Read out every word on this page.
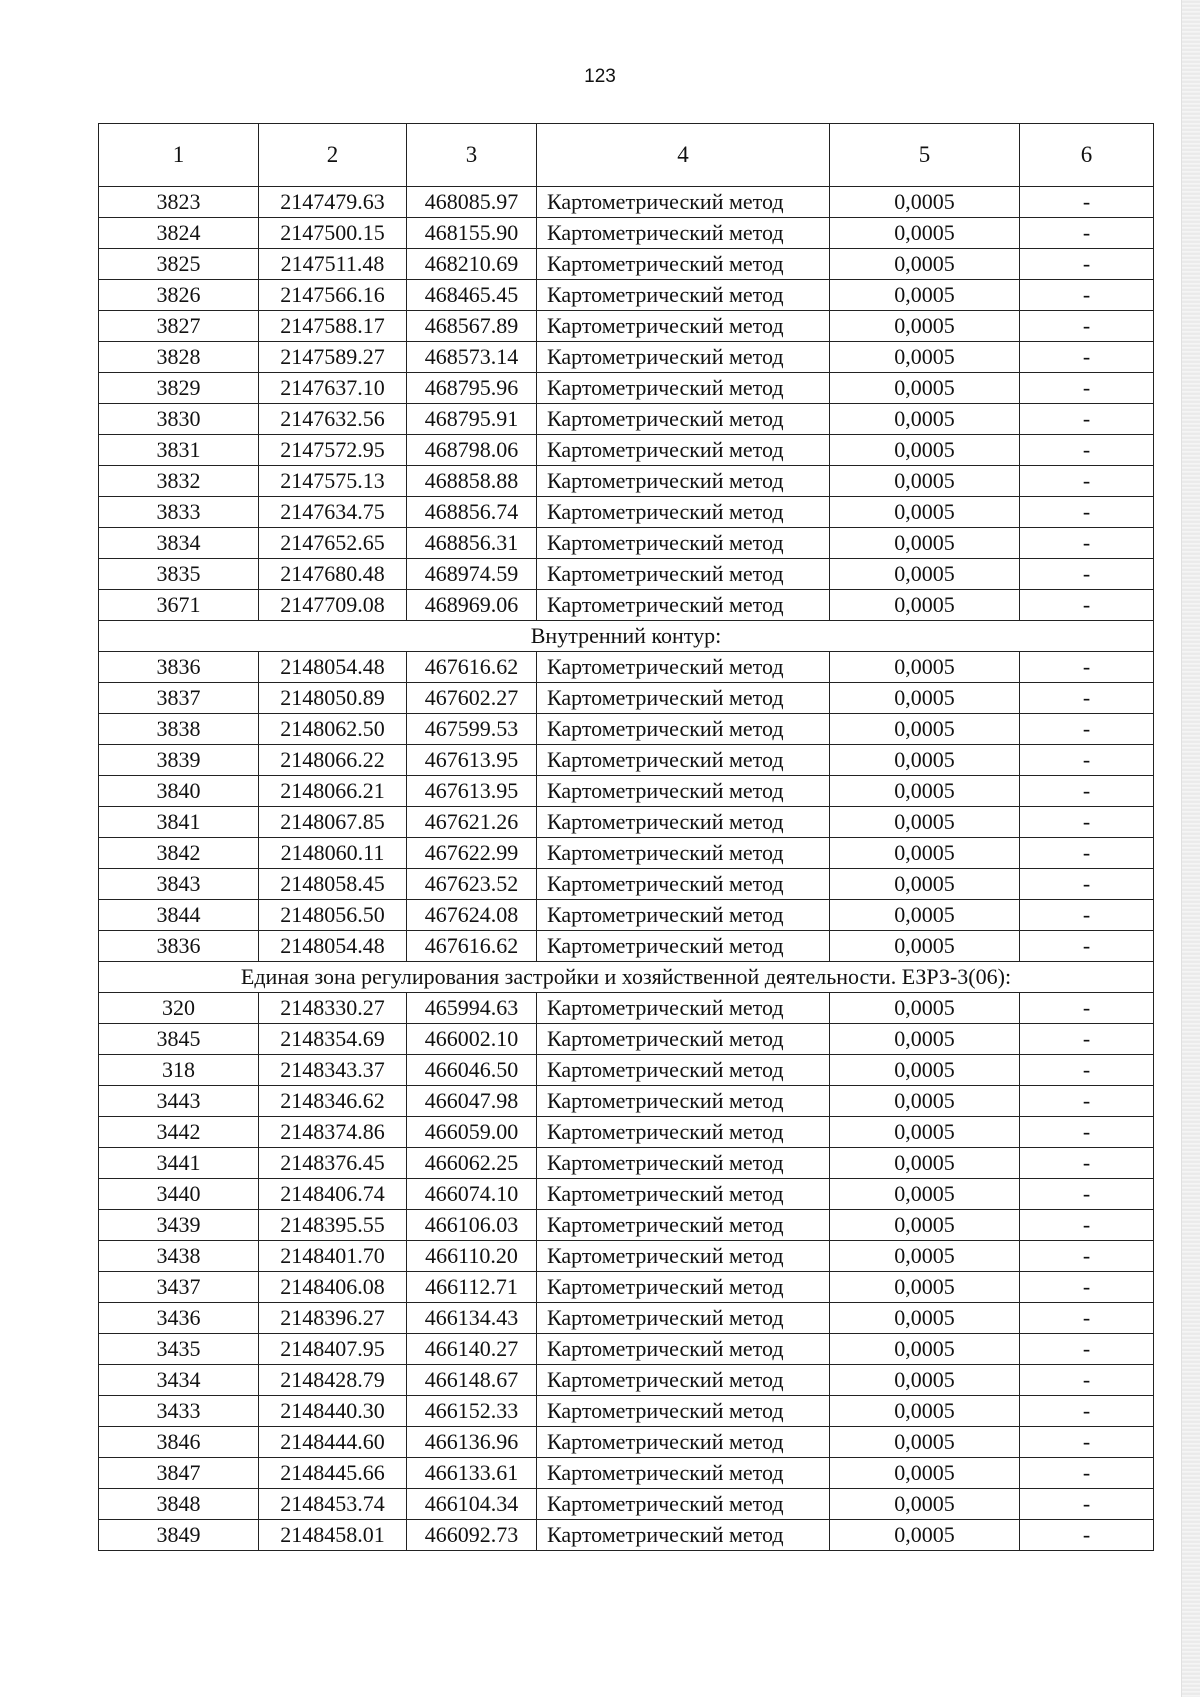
123
1	2	3	4	5	6
3823	2147479.63	468085.97	Картометрический метод	0,0005	-
3824	2147500.15	468155.90	Картометрический метод	0,0005	-
3825	2147511.48	468210.69	Картометрический метод	0,0005	-
3826	2147566.16	468465.45	Картометрический метод	0,0005	-
3827	2147588.17	468567.89	Картометрический метод	0,0005	-
3828	2147589.27	468573.14	Картометрический метод	0,0005	-
3829	2147637.10	468795.96	Картометрический метод	0,0005	-
3830	2147632.56	468795.91	Картометрический метод	0,0005	-
3831	2147572.95	468798.06	Картометрический метод	0,0005	-
3832	2147575.13	468858.88	Картометрический метод	0,0005	-
3833	2147634.75	468856.74	Картометрический метод	0,0005	-
3834	2147652.65	468856.31	Картометрический метод	0,0005	-
3835	2147680.48	468974.59	Картометрический метод	0,0005	-
3671	2147709.08	468969.06	Картометрический метод	0,0005	-
Внутренний контур:					
3836	2148054.48	467616.62	Картометрический метод	0,0005	-
3837	2148050.89	467602.27	Картометрический метод	0,0005	-
3838	2148062.50	467599.53	Картометрический метод	0,0005	-
3839	2148066.22	467613.95	Картометрический метод	0,0005	-
3840	2148066.21	467613.95	Картометрический метод	0,0005	-
3841	2148067.85	467621.26	Картометрический метод	0,0005	-
3842	2148060.11	467622.99	Картометрический метод	0,0005	-
3843	2148058.45	467623.52	Картометрический метод	0,0005	-
3844	2148056.50	467624.08	Картометрический метод	0,0005	-
3836	2148054.48	467616.62	Картометрический метод	0,0005	-
Единая зона регулирования застройки и хозяйственной деятельности. ЕЗРЗ-3(06):					
320	2148330.27	465994.63	Картометрический метод	0,0005	-
3845	2148354.69	466002.10	Картометрический метод	0,0005	-
318	2148343.37	466046.50	Картометрический метод	0,0005	-
3443	2148346.62	466047.98	Картометрический метод	0,0005	-
3442	2148374.86	466059.00	Картометрический метод	0,0005	-
3441	2148376.45	466062.25	Картометрический метод	0,0005	-
3440	2148406.74	466074.10	Картометрический метод	0,0005	-
3439	2148395.55	466106.03	Картометрический метод	0,0005	-
3438	2148401.70	466110.20	Картометрический метод	0,0005	-
3437	2148406.08	466112.71	Картометрический метод	0,0005	-
3436	2148396.27	466134.43	Картометрический метод	0,0005	-
3435	2148407.95	466140.27	Картометрический метод	0,0005	-
3434	2148428.79	466148.67	Картометрический метод	0,0005	-
3433	2148440.30	466152.33	Картометрический метод	0,0005	-
3846	2148444.60	466136.96	Картометрический метод	0,0005	-
3847	2148445.66	466133.61	Картометрический метод	0,0005	-
3848	2148453.74	466104.34	Картометрический метод	0,0005	-
3849	2148458.01	466092.73	Картометрический метод	0,0005	-
